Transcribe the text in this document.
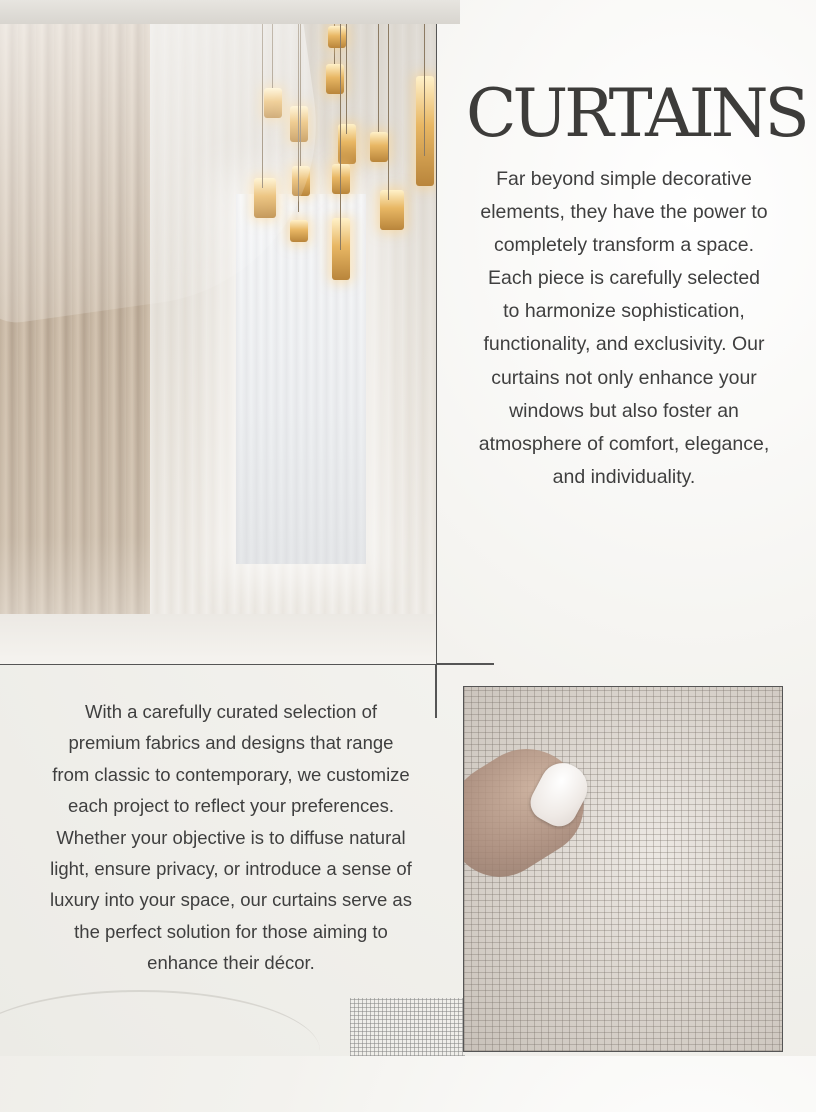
CURTAINS

Far beyond simple decorative elements, they have the power to completely transform a space. Each piece is carefully selected to harmonize sophistication, functionality, and exclusivity. Our curtains not only enhance your windows but also foster an atmosphere of comfort, elegance, and individuality.

With a carefully curated selection of premium fabrics and designs that range from classic to contemporary, we customize each project to reflect your preferences. Whether your objective is to diffuse natural light, ensure privacy, or introduce a sense of luxury into your space, our curtains serve as the perfect solution for those aiming to enhance their décor.
